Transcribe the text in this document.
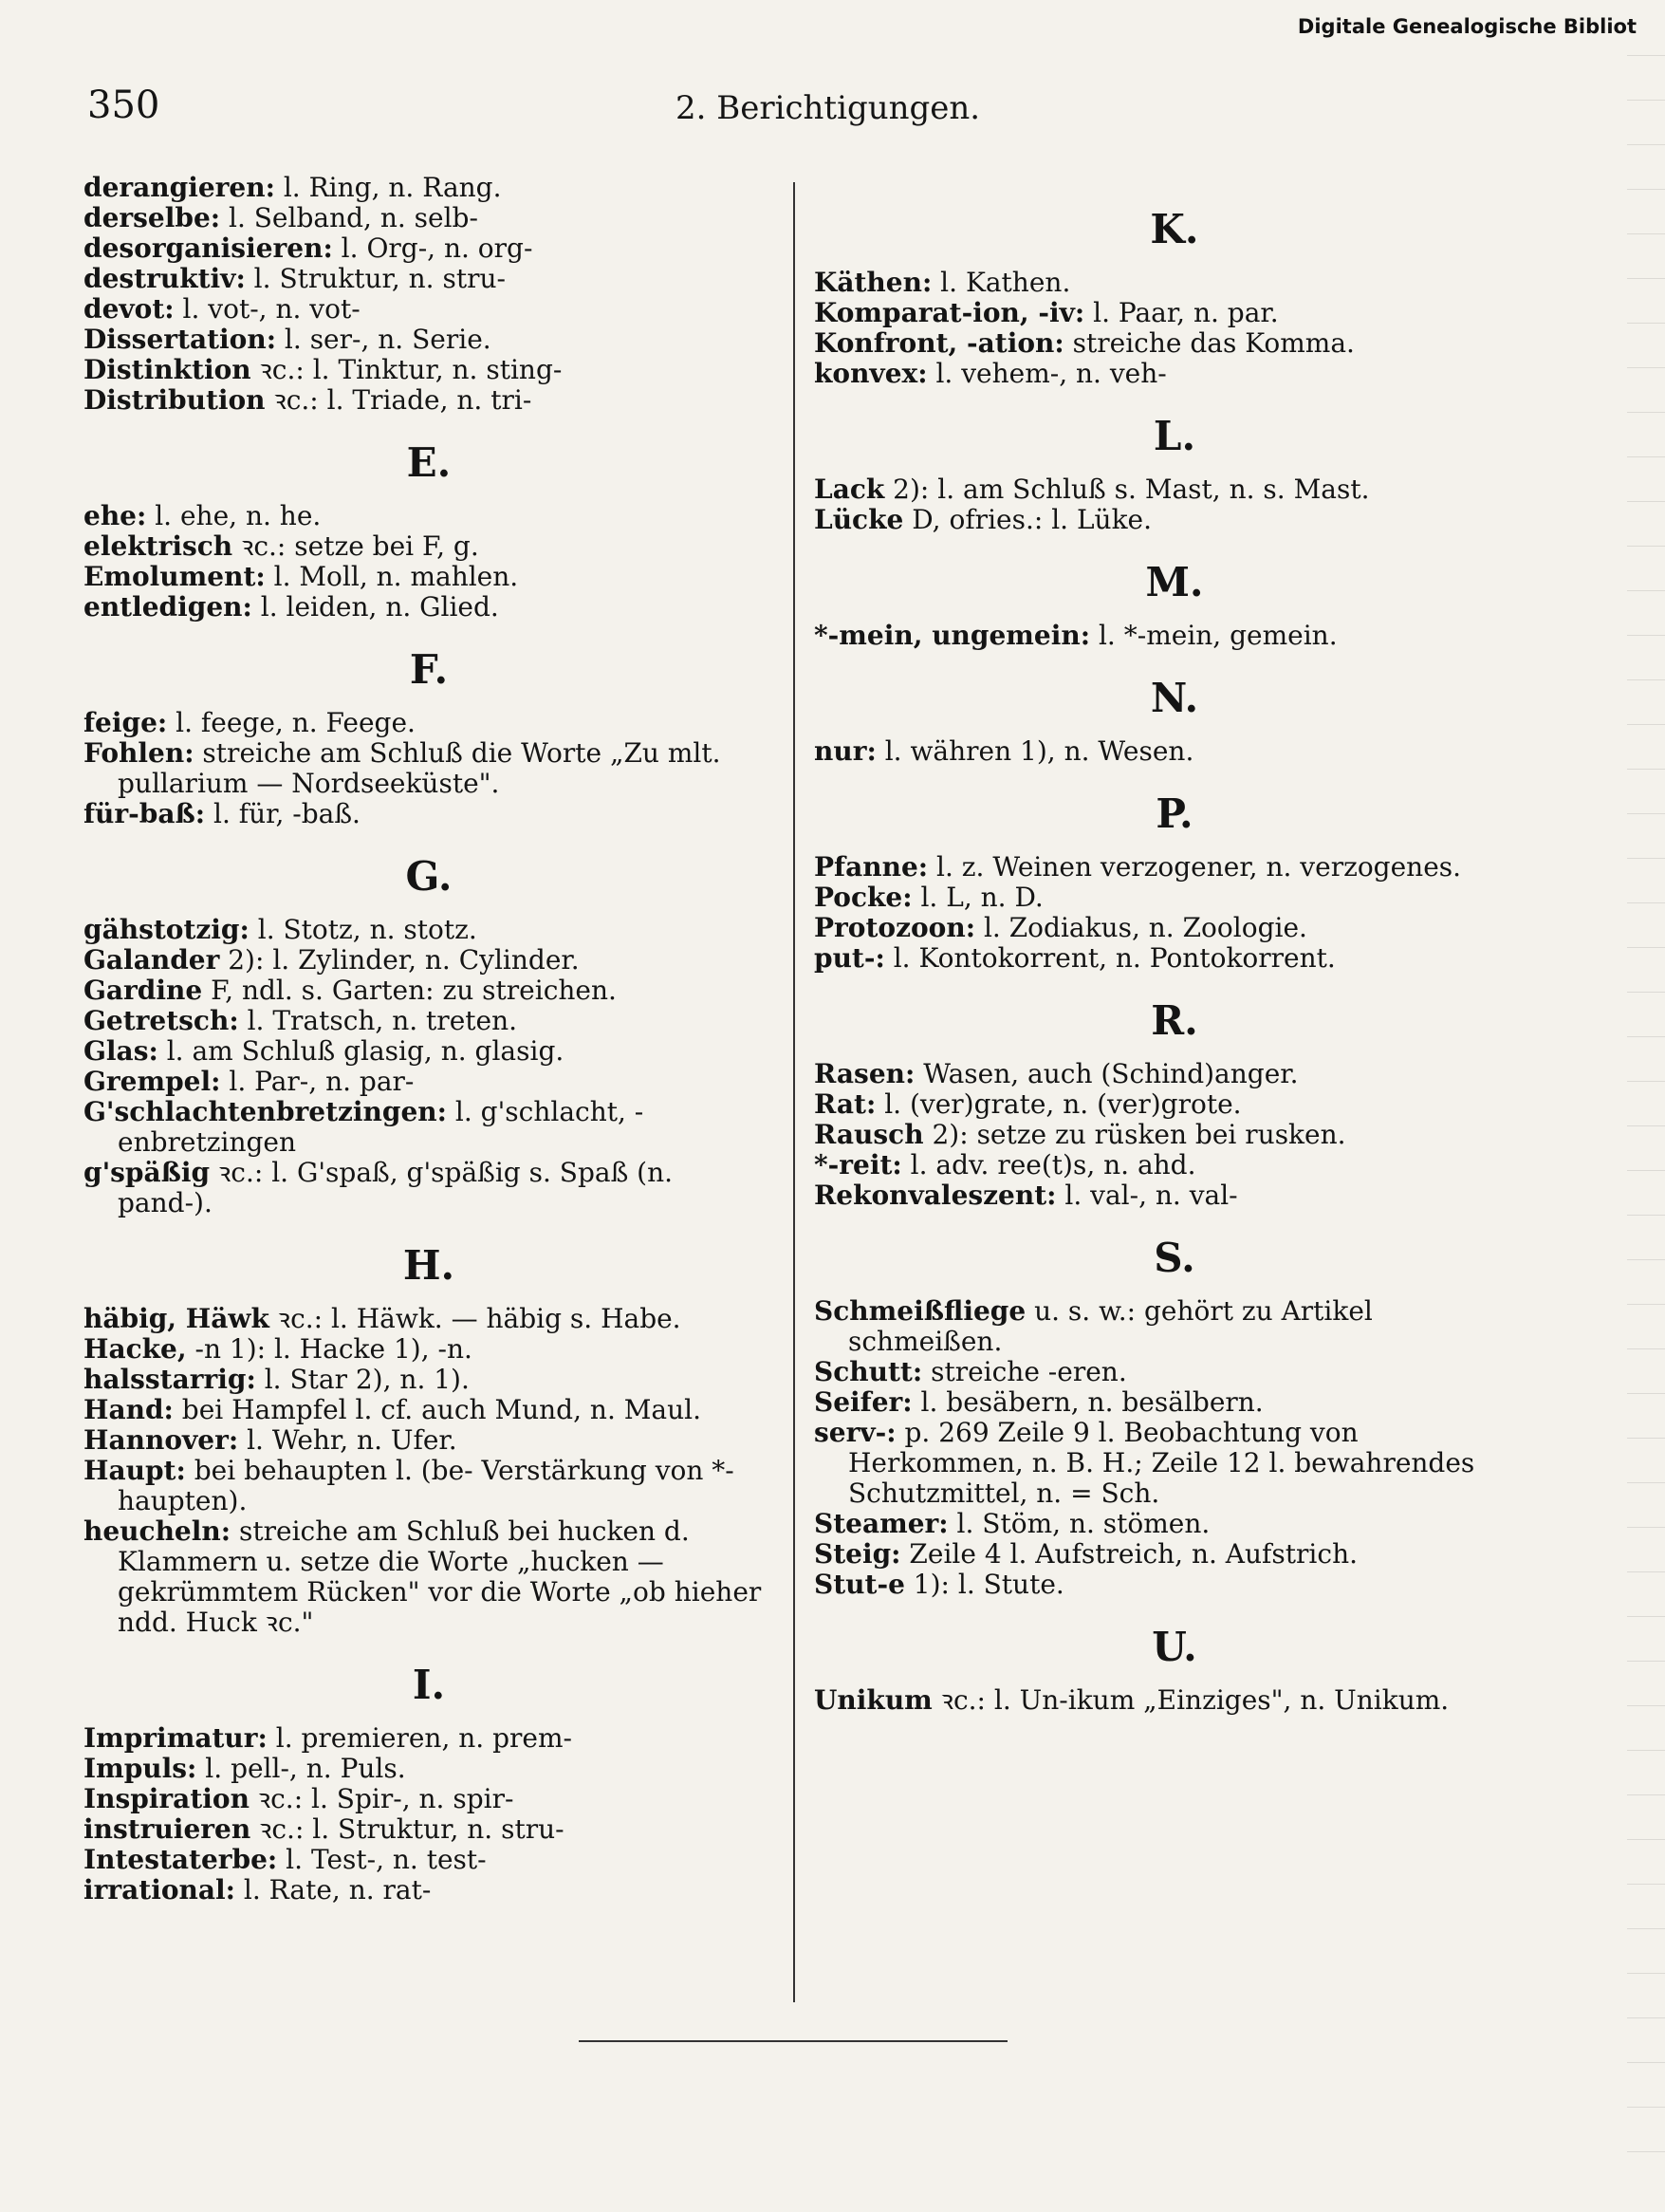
Digitale Genealogische Bibliot
350	2. Berichtigungen.
derangieren: l. Ring, n. Rang.
derselbe: l. Selband, n. selb-
desorganisieren: l. Org-, n. org-
destruktiv: l. Struktur, n. stru-
devot: l. vot-, n. vot-
Dissertation: l. ser-, n. Serie.
Distinktion ꝛc.: l. Tinktur, n. sting-
Distribution ꝛc.: l. Triade, n. tri-
E.
ehe: l. ehe, n. he.
elektrisch ꝛc.: setze bei F, g.
Emolument: l. Moll, n. mahlen.
entledigen: l. leiden, n. Glied.
F.
feige: l. feege, n. Feege.
Fohlen: streiche am Schluß die Worte „Zu mlt. pullarium — Nordseeküste".
für-baß: l. für, -baß.
G.
gähstotzig: l. Stotz, n. stotz.
Galander 2): l. Zylinder, n. Cylinder.
Gardine F, ndl. s. Garten: zu streichen.
Getretsch: l. Tratsch, n. treten.
Glas: l. am Schluß glasig, n. glasig.
Grempel: l. Par-, n. par-
G'schlachtenbretzingen: l. g'schlacht, -enbretzingen
g'späßig ꝛc.: l. G'spaß, g'späßig s. Spaß (n. pand-).
H.
häbig, Häwk ꝛc.: l. Häwk. — häbig s. Habe.
Hacke, -n 1): l. Hacke 1), -n.
halsstarrig: l. Star 2), n. 1).
Hand: bei Hampfel l. cf. auch Mund, n. Maul.
Hannover: l. Wehr, n. Ufer.
Haupt: bei behaupten l. (be- Verstärkung von *-haupten).
heucheln: streiche am Schluß bei hucken d. Klammern u. setze die Worte „hucken — gekrümmtem Rücken" vor die Worte „ob hieher ndd. Huck ꝛc."
I.
Imprimatur: l. premieren, n. prem-
Impuls: l. pell-, n. Puls.
Inspiration ꝛc.: l. Spir-, n. spir-
instruieren ꝛc.: l. Struktur, n. stru-
Intestaterbe: l. Test-, n. test-
irrational: l. Rate, n. rat-
K.
Käthen: l. Kathen.
Komparat-ion, -iv: l. Paar, n. par.
Konfront, -ation: streiche das Komma.
konvex: l. vehem-, n. veh-
L.
Lack 2): l. am Schluß s. Mast, n. s. Mast.
Lücke D, ofries.: l. Lüke.
M.
*-mein, ungemein: l. *-mein, gemein.
N.
nur: l. währen 1), n. Wesen.
P.
Pfanne: l. z. Weinen verzogener, n. verzogenes.
Pocke: l. L, n. D.
Protozoon: l. Zodiakus, n. Zoologie.
put-: l. Kontokorrent, n. Pontokorrent.
R.
Rasen: Wasen, auch (Schind)anger.
Rat: l. (ver)grate, n. (ver)grote.
Rausch 2): setze zu rüsken bei rusken.
*-reit: l. adv. ree(t)s, n. ahd.
Rekonvaleszent: l. val-, n. val-
S.
Schmeißfliege u. s. w.: gehört zu Artikel schmeißen.
Schutt: streiche -eren.
Seifer: l. besäbern, n. besälbern.
serv-: p. 269 Zeile 9 l. Beobachtung von Herkommen, n. B. H.; Zeile 12 l. bewahrendes Schutzmittel, n. = Sch.
Steamer: l. Stöm, n. stömen.
Steig: Zeile 4 l. Aufstreich, n. Aufstrich.
Stut-e 1): l. Stute.
U.
Unikum ꝛc.: l. Un-ikum „Einziges", n. Unikum.
